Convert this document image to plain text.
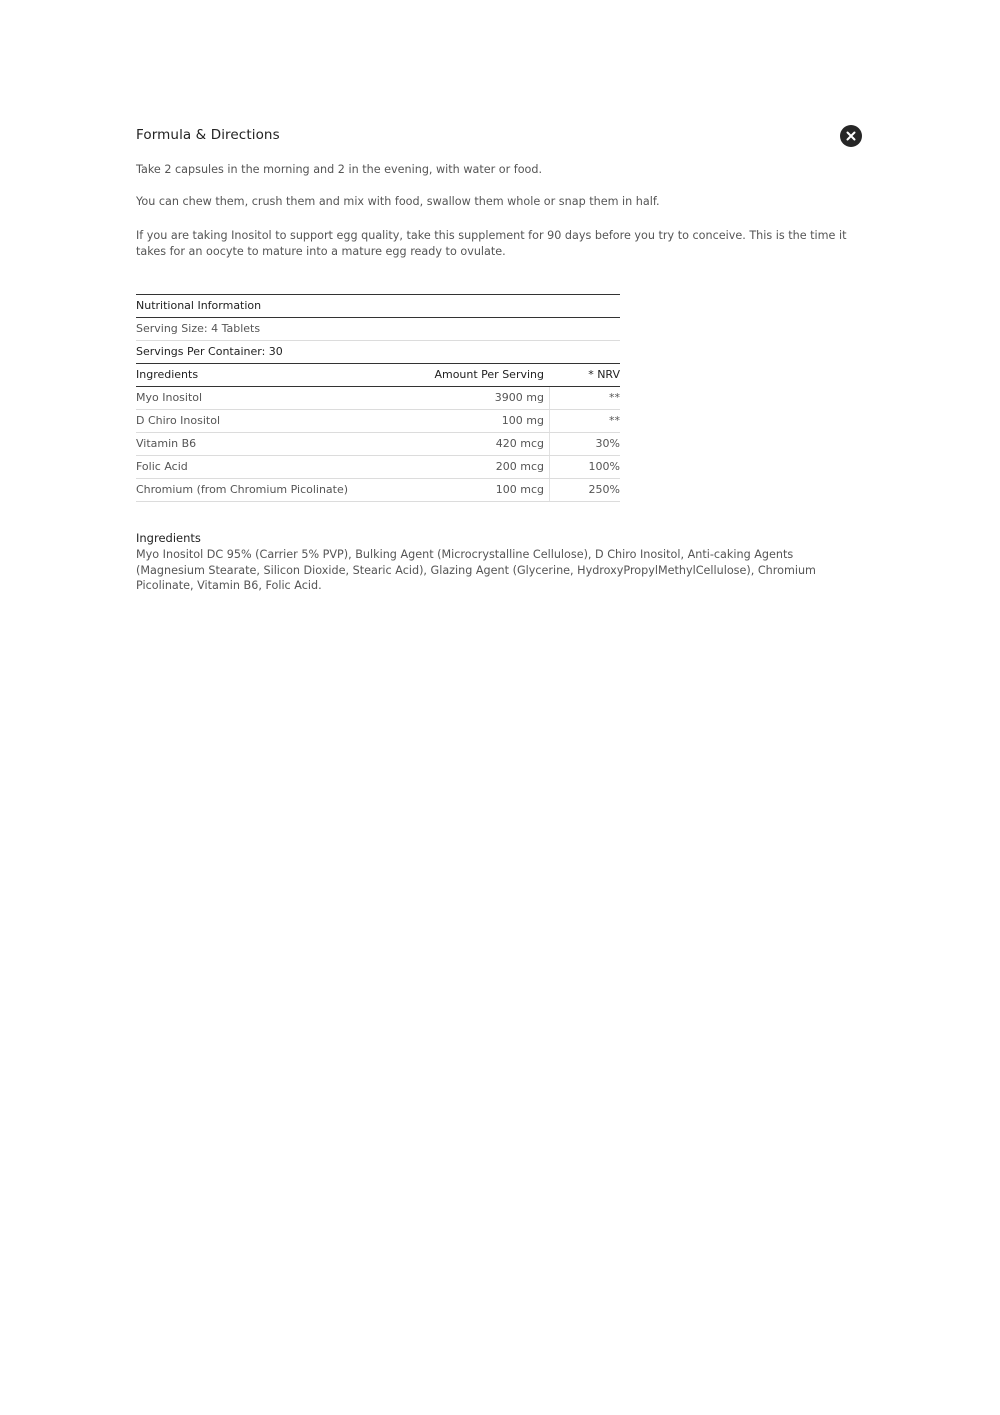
Formula & Directions

Take 2 capsules in the morning and 2 in the evening, with water or food.

You can chew them, crush them and mix with food, swallow them whole or snap them in half.

If you are taking Inositol to support egg quality, take this supplement for 90 days before you try to conceive. This is the time it takes for an oocyte to mature into a mature egg ready to ovulate.

Nutritional Information
Serving Size: 4 Tablets
Servings Per Container: 30
Ingredients	Amount Per Serving	* NRV
Myo Inositol	3900 mg	**
D Chiro Inositol	100 mg	**
Vitamin B6	420 mcg	30%
Folic Acid	200 mcg	100%
Chromium (from Chromium Picolinate)	100 mcg	250%
Ingredients

Myo Inositol DC 95% (Carrier 5% PVP), Bulking Agent (Microcrystalline Cellulose), D Chiro Inositol, Anti-caking Agents (Magnesium Stearate, Silicon Dioxide, Stearic Acid), Glazing Agent (Glycerine, HydroxyPropylMethylCellulose), Chromium Picolinate, Vitamin B6, Folic Acid.
